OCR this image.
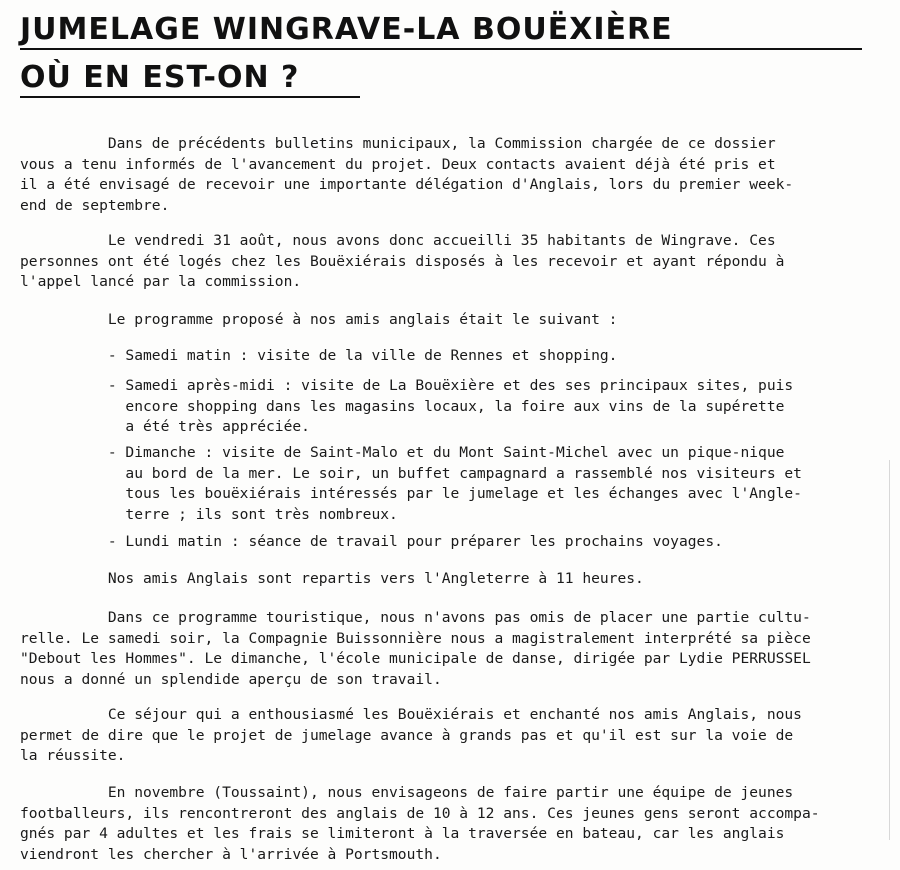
JUMELAGE WINGRAVE-LA BOUËXIÈRE
OÙ EN EST-ON ?
Dans de précédents bulletins municipaux, la Commission chargée de ce dossier
vous a tenu informés de l'avancement du projet. Deux contacts avaient déjà été pris et
il a été envisagé de recevoir une importante délégation d'Anglais, lors du premier week-
end de septembre.
Le vendredi 31 août, nous avons donc accueilli 35 habitants de Wingrave. Ces
personnes ont été logés chez les Bouëxiérais disposés à les recevoir et ayant répondu à
l'appel lancé par la commission.
Le programme proposé à nos amis anglais était le suivant :
- Samedi matin : visite de la ville de Rennes et shopping.
- Samedi après-midi : visite de La Bouëxière et des ses principaux sites, puis
encore shopping dans les magasins locaux, la foire aux vins de la supérette
a été très appréciée.
- Dimanche : visite de Saint-Malo et du Mont Saint-Michel avec un pique-nique
au bord de la mer. Le soir, un buffet campagnard a rassemblé nos visiteurs et
tous les bouëxiérais intéressés par le jumelage et les échanges avec l'Angle-
terre ; ils sont très nombreux.
- Lundi matin : séance de travail pour préparer les prochains voyages.
Nos amis Anglais sont repartis vers l'Angleterre à 11 heures.
Dans ce programme touristique, nous n'avons pas omis de placer une partie cultu-
relle. Le samedi soir, la Compagnie Buissonnière nous a magistralement interprété sa pièce
"Debout les Hommes". Le dimanche, l'école municipale de danse, dirigée par Lydie PERRUSSEL
nous a donné un splendide aperçu de son travail.
Ce séjour qui a enthousiasmé les Bouëxiérais et enchanté nos amis Anglais, nous
permet de dire que le projet de jumelage avance à grands pas et qu'il est sur la voie de
la réussite.
En novembre (Toussaint), nous envisageons de faire partir une équipe de jeunes
footballeurs, ils rencontreront des anglais de 10 à 12 ans. Ces jeunes gens seront accompa-
gnés par 4 adultes et les frais se limiteront à la traversée en bateau, car les anglais
viendront les chercher à l'arrivée à Portsmouth.
